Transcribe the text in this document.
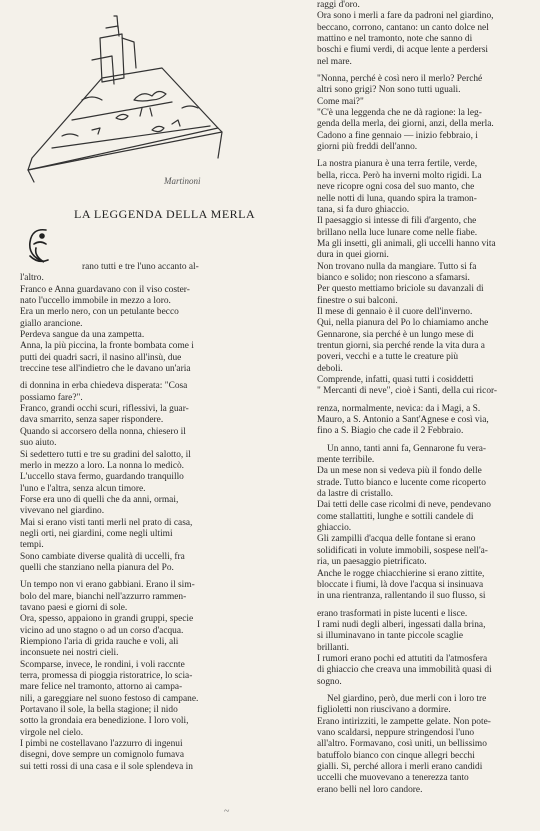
Martinoni
LA LEGGENDA DELLA MERLA
rano tutti e tre l'uno accanto al-
l'altro.
Franco e Anna guardavano con il viso coster-
nato l'uccello immobile in mezzo a loro.
Era un merlo nero, con un petulante becco
giallo arancione.
Perdeva sangue da una zampetta.
Anna, la più piccina, la fronte bombata come i
putti dei quadri sacri, il nasino all'insù, due
treccine tese all'indietro che le davano un'aria
di donnina in erba chiedeva disperata: "Cosa
possiamo fare?".
Franco, grandi occhi scuri, riflessivi, la guar-
dava smarrito, senza saper rispondere.
Quando si accorsero della nonna, chiesero il
suo aiuto.
Si sedettero tutti e tre su gradini del salotto, il
merlo in mezzo a loro. La nonna lo medicò.
L'uccello stava fermo, guardando tranquillo
l'uno e l'altra, senza alcun timore.
Forse era uno di quelli che da anni, ormai,
vivevano nel giardino.
Mai si erano visti tanti merli nel prato di casa,
negli orti, nei giardini, come negli ultimi
tempi.
Sono cambiate diverse qualità di uccelli, fra
quelli che stanziano nella pianura del Po.
Un tempo non vi erano gabbiani. Erano il sim-
bolo del mare, bianchi nell'azzurro rammen-
tavano paesi e giorni di sole.
Ora, spesso, appaiono in grandi gruppi, specie
vicino ad uno stagno o ad un corso d'acqua.
Riempiono l'aria di grida rauche e voli, ali
inconsuete nei nostri cieli.
Scomparse, invece, le rondini, i voli raccnte
terra, promessa di pioggia ristoratrice, lo scia-
mare felice nel tramonto, attorno ai campa-
nili, a gareggiare nel suono festoso di campane.
Portavano il sole, la bella stagione; il nido
sotto la grondaia era benedizione. I loro voli,
virgole nel cielo.
I pimbi ne costellavano l'azzurro di ingenui
disegni, dove sempre un comignolo fumava
sui tetti rossi di una casa e il sole splendeva in
raggi d'oro.
Ora sono i merli a fare da padroni nel giardino,
beccano, corrono, cantano: un canto dolce nel
mattino e nel tramonto, note che sanno di
boschi e fiumi verdi, di acque lente a perdersi
nel mare.
"Nonna, perché è così nero il merlo? Perché
altri sono grigi? Non sono tutti uguali.
Come mai?"
"C'è una leggenda che ne dà ragione: la leg-
genda della merla, dei giorni, anzi, della merla.
Cadono a fine gennaio — inizio febbraio, i
giorni più freddi dell'anno.
La nostra pianura è una terra fertile, verde,
bella, ricca. Però ha inverni molto rigidi. La
neve ricopre ogni cosa del suo manto, che
nelle notti di luna, quando spira la tramon-
tana, si fa duro ghiaccio.
Il paesaggio si intesse di fili d'argento, che
brillano nella luce lunare come nelle fiabe.
Ma gli insetti, gli animali, gli uccelli hanno vita
dura in quei giorni.
Non trovano nulla da mangiare. Tutto si fa
bianco e solido; non riescono a sfamarsi.
Per questo mettiamo briciole su davanzali di
finestre o sui balconi.
Il mese di gennaio è il cuore dell'inverno.
Qui, nella pianura del Po lo chiamiamo anche
Gennarone, sia perché è un lungo mese di
trentun giorni, sia perché rende la vita dura a
poveri, vecchi e a tutte le creature più
deboli.
Comprende, infatti, quasi tutti i cosiddetti
" Mercanti di neve", cioè i Santi, della cui ricor-
renza, normalmente, nevica: da i Magi, a S.
Mauro, a S. Antonio a Sant'Agnese e così via,
fino a S. Biagio che cade il 2 Febbraio.
Un anno, tanti anni fa, Gennarone fu vera-
mente terribile.
Da un mese non si vedeva più il fondo delle
strade. Tutto bianco e lucente come ricoperto
da lastre di cristallo.
Dai tetti delle case ricolmi di neve, pendevano
come stallattiti, lunghe e sottili candele di
ghiaccio.
Gli zampilli d'acqua delle fontane si erano
solidificati in volute immobili, sospese nell'a-
ria, un paesaggio pietrificato.
Anche le rogge chiacchierine si erano zittite,
bloccate i fiumi, là dove l'acqua si insinuava
in una rientranza, rallentando il suo flusso, si
erano trasformati in piste lucenti e lisce.
I rami nudi degli alberi, ingessati dalla brina,
si illuminavano in tante piccole scaglie
brillanti.
I rumori erano pochi ed attutiti da l'atmosfera
di ghiaccio che creava una immobilità quasi di
sogno.
Nel giardino, però, due merli con i loro tre
figlioletti non riuscivano a dormire.
Erano intirizziti, le zampette gelate. Non pote-
vano scaldarsi, neppure stringendosi l'uno
all'altro. Formavano, così uniti, un bellissimo
batuffolo bianco con cinque allegri becchi
gialli. Sì, perché allora i merli erano candidi
uccelli che muovevano a tenerezza tanto
erano belli nel loro candore.
~
